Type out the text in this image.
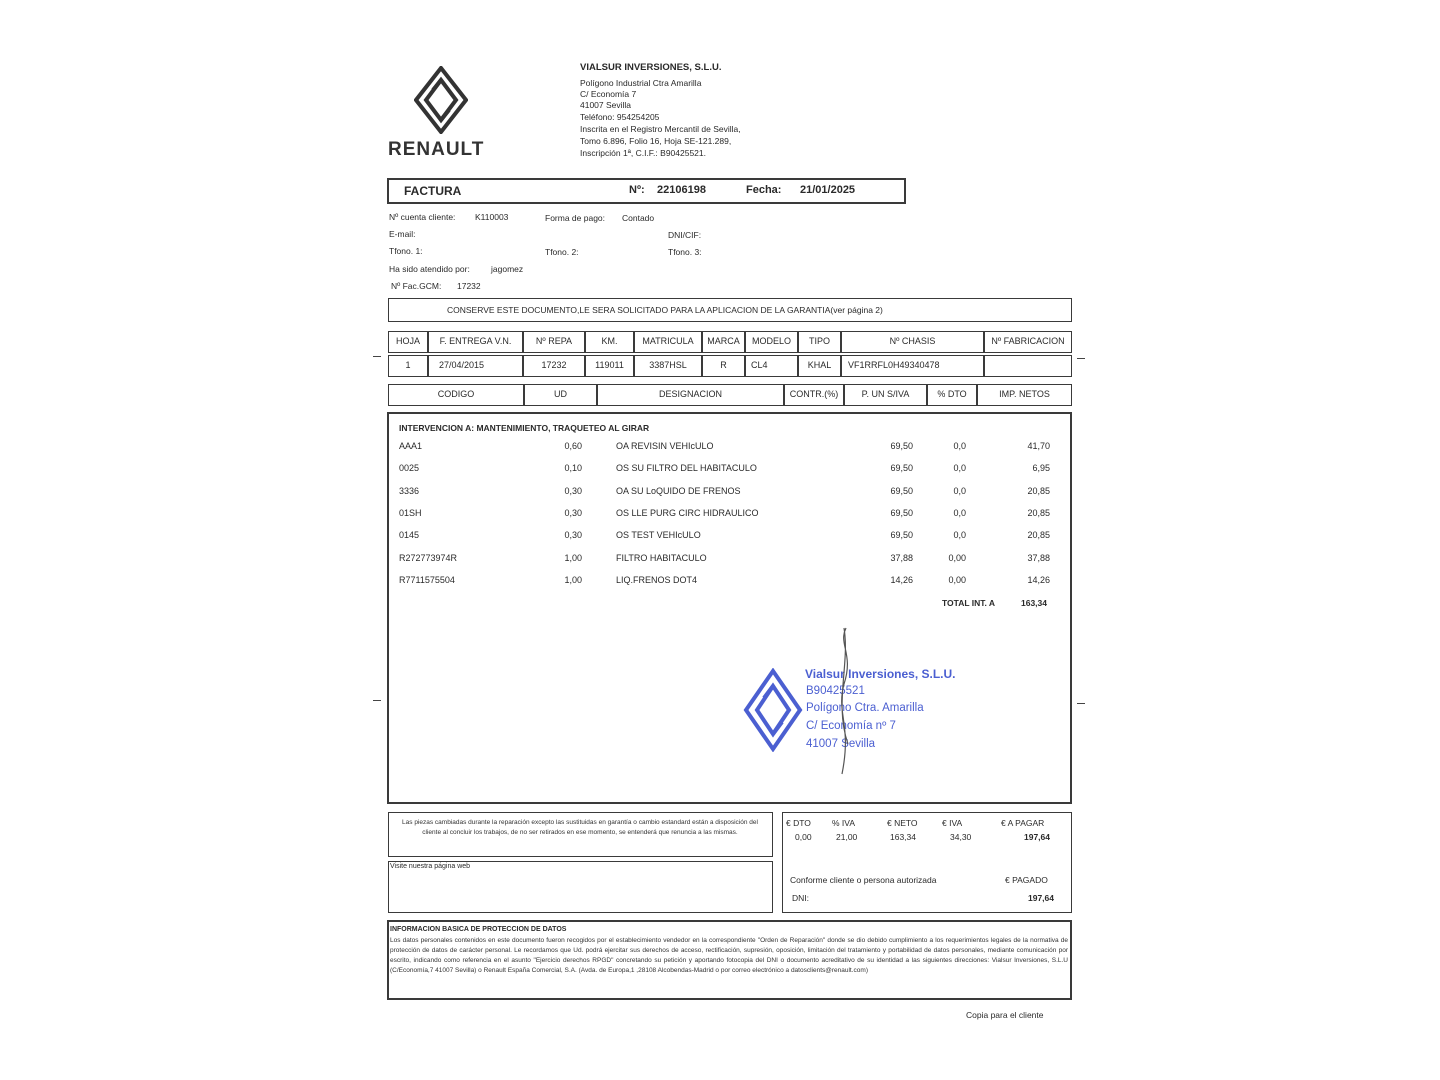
RENAULT
VIALSUR INVERSIONES, S.L.U.
Polígono Industrial Ctra Amarilla
C/ Economía 7
41007 Sevilla
Teléfono: 954254205
Inscrita en el Registro Mercantil de Sevilla,
Tomo 6.896, Folio 16, Hoja SE-121.289,
Inscripción 1ª, C.I.F.: B90425521.
FACTURA	Nº: 22106198	Fecha: 21/01/2025
Nº cuenta cliente: K110003	Forma de pago: Contado
E-mail:	DNI/CIF:
Tfono. 1:	Tfono. 2:	Tfono. 3:
Ha sido atendido por: jagomez
Nº Fac.GCM: 17232
CONSERVE ESTE DOCUMENTO,LE SERA SOLICITADO PARA LA APLICACION DE LA GARANTIA(ver página 2)
HOJA	F. ENTREGA V.N.	Nº REPA	KM.	MATRICULA	MARCA	MODELO	TIPO	Nº CHASIS	Nº FABRICACION
1	27/04/2015	17232	119011	3387HSL	R	CL4	KHAL	VF1RRFL0H49340478
CODIGO	UD	DESIGNACION	CONTR.(%)	P. UN S/IVA	% DTO	IMP. NETOS
INTERVENCION A: MANTENIMIENTO, TRAQUETEO AL GIRAR
AAA1	0,60	OA REVISIN VEHIcULO	69,50	0,0	41,70
0025	0,10	OS SU FILTRO DEL HABITACULO	69,50	0,0	6,95
3336	0,30	OA SU LoQUIDO DE FRENOS	69,50	0,0	20,85
01SH	0,30	OS LLE PURG CIRC HIDRAULICO	69,50	0,0	20,85
0145	0,30	OS TEST VEHIcULO	69,50	0,0	20,85
R272773974R	1,00	FILTRO HABITACULO	37,88	0,00	37,88
R7711575504	1,00	LIQ.FRENOS DOT4	14,26	0,00	14,26
TOTAL INT. A	163,34
Vialsur Inversiones, S.L.U.
B90425521
Polígono Ctra. Amarilla
C/ Economía nº 7
41007 Sevilla
Las piezas cambiadas durante la reparación excepto las sustituidas en garantía o cambio estandard están a disposición del cliente al concluir los trabajos, de no ser retirados en ese momento, se entenderá que renuncia a las mismas.
Visite nuestra página web
€ DTO % IVA	€ NETO	€ IVA	€ A PAGAR
0,00	21,00	163,34	34,30	197,64
Conforme cliente o persona autorizada	€ PAGADO
DNI:	197,64
INFORMACION BASICA DE PROTECCION DE DATOS
Los datos personales contenidos en este documento fueron recogidos por el establecimiento vendedor en la correspondiente "Orden de Reparación" donde se dio debido cumplimiento a los requerimientos legales de la normativa de protección de datos de carácter personal. Le recordamos que Ud. podrá ejercitar sus derechos de acceso, rectificación, supresión, oposición, limitación del tratamiento y portabilidad de datos personales, mediante comunicación por escrito, indicando como referencia en el asunto "Ejercicio derechos RPGD" concretando su petición y aportando fotocopia del DNI o documento acreditativo de su identidad a las siguientes direcciones: Vialsur Inversiones, S.L.U (C/Economía,7 41007 Sevilla) o Renault España Comercial, S.A. (Avda. de Europa,1 ,28108 Alcobendas-Madrid o por correo electrónico a datosclients@renault.com)
Copia para el cliente
